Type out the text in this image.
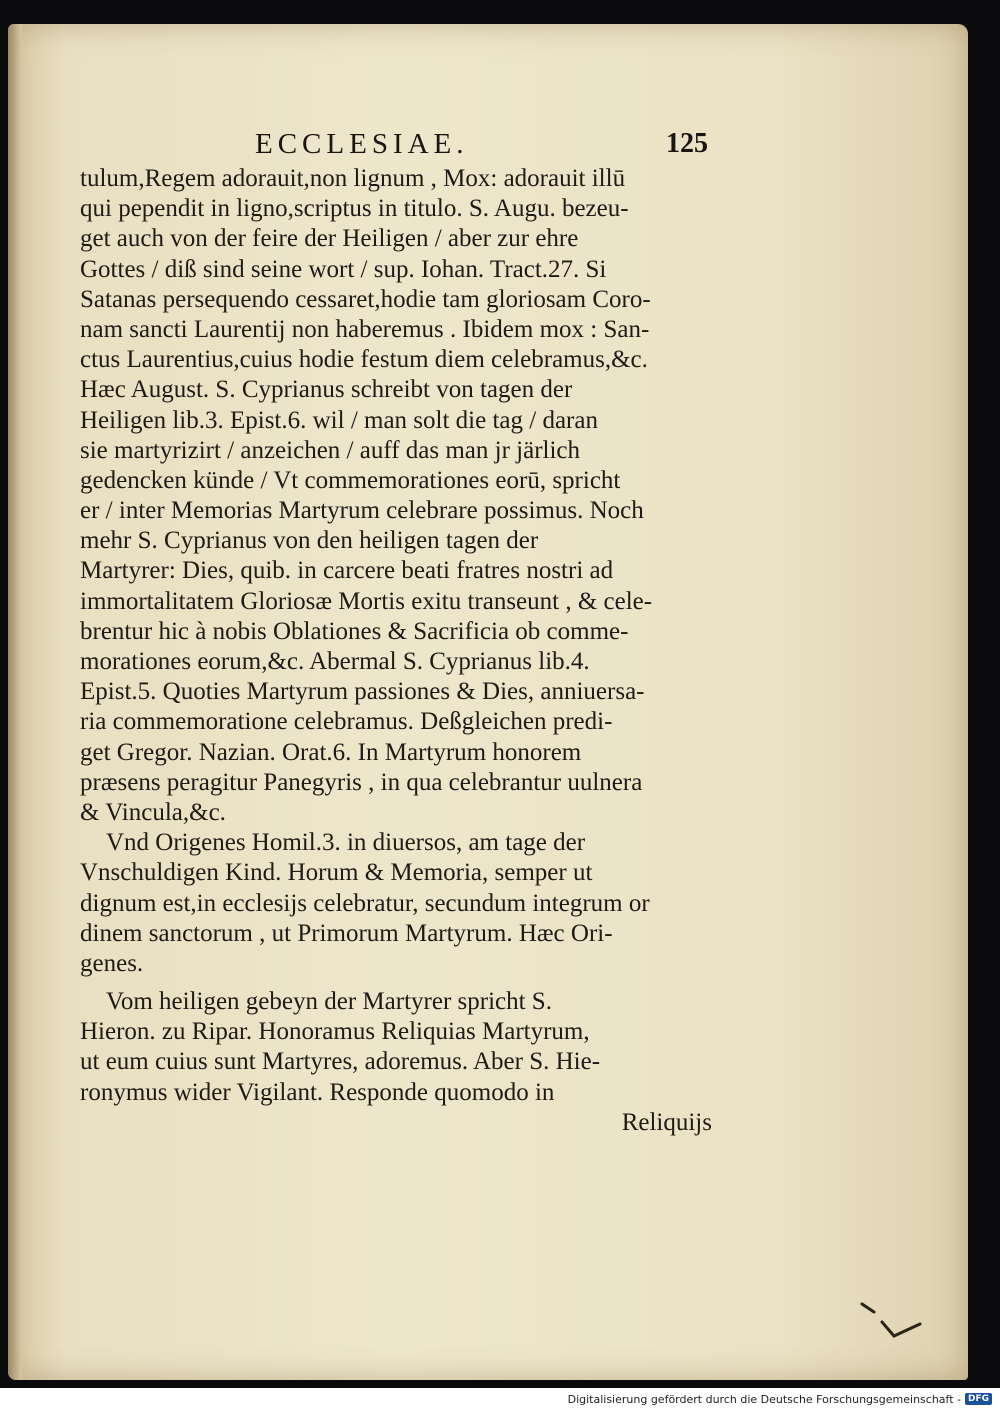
ECCLESIAE.	125
tulum,Regem adorauit,non lignum , Mox: adorauit illū
qui pependit in ligno,scriptus in titulo. S. Augu. bezeu-
get auch von der feire der Heiligen / aber zur ehre
Gottes / diß sind seine wort / sup. Iohan. Tract.27. Si
Satanas persequendo cessaret,hodie tam gloriosam Coro-
nam sancti Laurentij non haberemus . Ibidem mox : San-
ctus Laurentius,cuius hodie festum diem celebramus,&c.
Hæc August. S. Cyprianus schreibt von tagen der
Heiligen lib.3. Epist.6. wil / man solt die tag / daran
sie martyrizirt / anzeichen / auff das man jr järlich
gedencken künde / Vt commemorationes eorū, spricht
er / inter Memorias Martyrum celebrare possimus. Noch
mehr S. Cyprianus von den heiligen tagen der
Martyrer: Dies, quib. in carcere beati fratres nostri ad
immortalitatem Gloriosæ Mortis exitu transeunt , & cele-
brentur hic à nobis Oblationes & Sacrificia ob comme-
morationes eorum,&c. Abermal S. Cyprianus lib.4.
Epist.5. Quoties Martyrum passiones & Dies, anniuersa-
ria commemoratione celebramus. Deßgleichen predi-
get Gregor. Nazian. Orat.6. In Martyrum honorem
præsens peragitur Panegyris , in qua celebrantur uulnera
& Vincula,&c.
Vnd Origenes Homil.3. in diuersos, am tage der
Vnschuldigen Kind. Horum & Memoria, semper ut
dignum est,in ecclesijs celebratur, secundum integrum or
dinem sanctorum , ut Primorum Martyrum. Hæc Ori-
genes.
Vom heiligen gebeyn der Martyrer spricht S.
Hieron. zu Ripar. Honoramus Reliquias Martyrum,
ut eum cuius sunt Martyres, adoremus. Aber S. Hie-
ronymus wider Vigilant. Responde quomodo in
Reliquijs
Digitalisierung gefördert durch die Deutsche Forschungsgemeinschaft - DFG
